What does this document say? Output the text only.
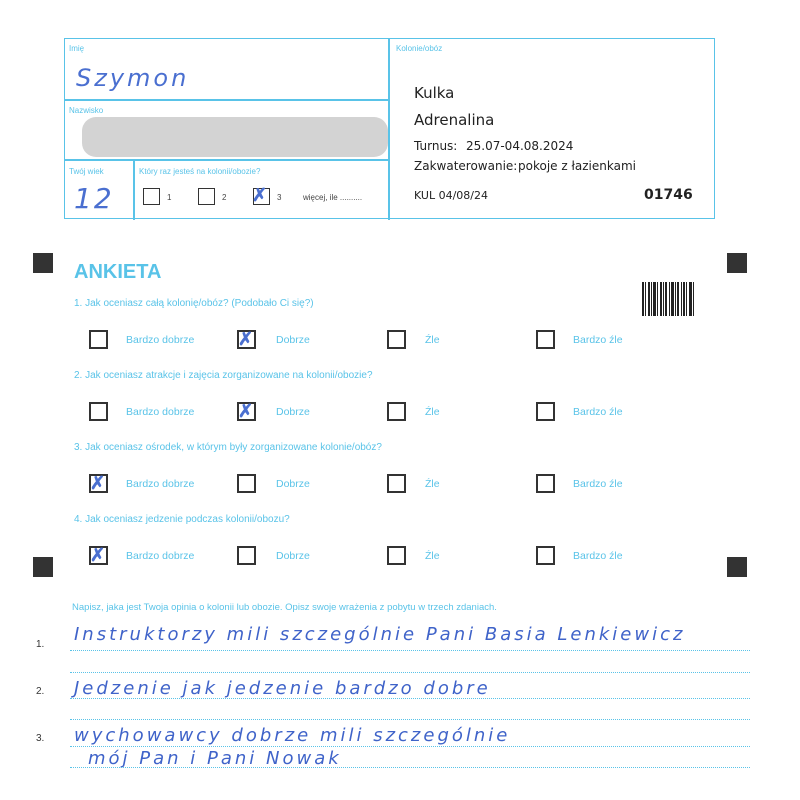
Imię
Szymon
Nazwisko
Twój wiek
12
Który raz jesteś na kolonii/obozie?
1	2 ✗ 3	więcej, ile ..........
Kolonie/obóz
Kulka
Adrenalina
Turnus: 25.07-04.08.2024
Zakwaterowanie: pokoje z łazienkami
KUL 04/08/24	01746
ANKIETA
1. Jak oceniasz całą kolonię/obóz? (Podobało Ci się?)
Bardzo dobrze ✗ Dobrze	Źle	Bardzo źle
2. Jak oceniasz atrakcje i zajęcia zorganizowane na kolonii/obozie?
Bardzo dobrze ✗ Dobrze	Źle	Bardzo źle
3. Jak oceniasz ośrodek, w którym były zorganizowane kolonie/obóz?
✗ Bardzo dobrze	Dobrze	Źle	Bardzo źle
4. Jak oceniasz jedzenie podczas kolonii/obozu?
✗ Bardzo dobrze	Dobrze	Źle	Bardzo źle
Napisz, jaka jest Twoja opinia o kolonii lub obozie. Opisz swoje wrażenia z pobytu w trzech zdaniach.
1. Instruktorzy mili szczególnie Pani Basia Lenkiewicz
2. Jedzenie jak jedzenie bardzo dobre
3. wychowawcy dobrze mili szczególnie
mój Pan i Pani Nowak
